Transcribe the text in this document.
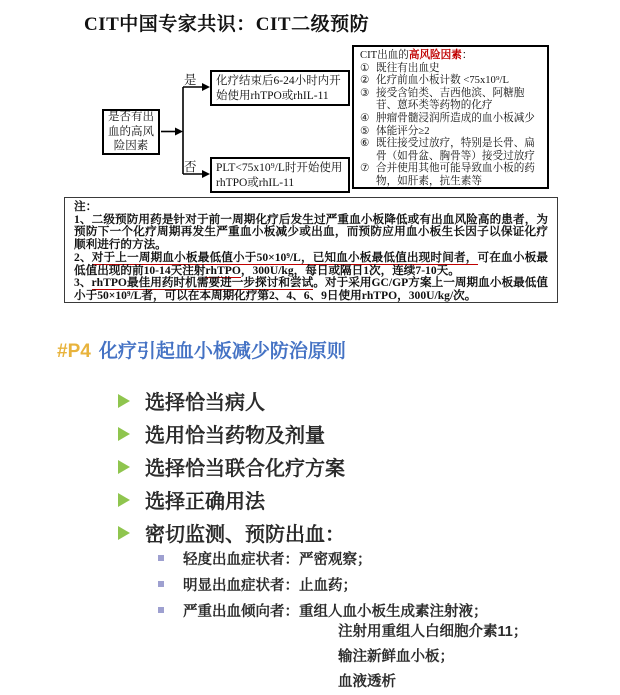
CIT中国专家共识：CIT二级预防
是否有出血的高风险因素
是
否
化疗结束后6-24小时内开始使用rhTPO或rhIL-11
PLT<75x10⁹/L时开始使用rhTPO或rhIL-11
CIT出血的高风险因素：
① 既往有出血史
② 化疗前血小板计数 <75x10⁹/L
③ 接受含铂类、吉西他滨、阿糖胞苷、蒽环类等药物的化疗
④ 肿瘤骨髓浸润所造成的血小板减少
⑤ 体能评分≥2
⑥ 既往接受过放疗，特别是长骨、扁骨（如骨盆、胸骨等）接受过放疗
⑦ 合并使用其他可能导致血小板的药物，如肝素，抗生素等
注：

1、二级预防用药是针对于前一周期化疗后发生过严重血小板降低或有出血风险高的患者，为预防下一个化疗周期再发生严重血小板减少或出血，而预防应用血小板生长因子以保证化疗顺利进行的方法。

2、对于上一周期血小板最低值小于50×10⁹/L，已知血小板最低值出现时间者，可在血小板最低值出现的前10-14天注射rhTPO，300U/kg，每日或隔日1次，连续7-10天。

3、rhTPO最佳用药时机需要进一步探讨和尝试。对于采用GC/GP方案上一周期血小板最低值小于50×10⁹/L者，可以在本周期化疗第2、4、6、9日使用rhTPO，300U/kg/次。

#P4 化疗引起血小板减少防治原则
选择恰当病人
选用恰当药物及剂量
选择恰当联合化疗方案
选择正确用法
密切监测、预防出血：
轻度出血症状者：严密观察；
明显出血症状者：止血药；
严重出血倾向者：重组人血小板生成素注射液；
注射用重组人白细胞介素11；
输注新鲜血小板；
血液透析
